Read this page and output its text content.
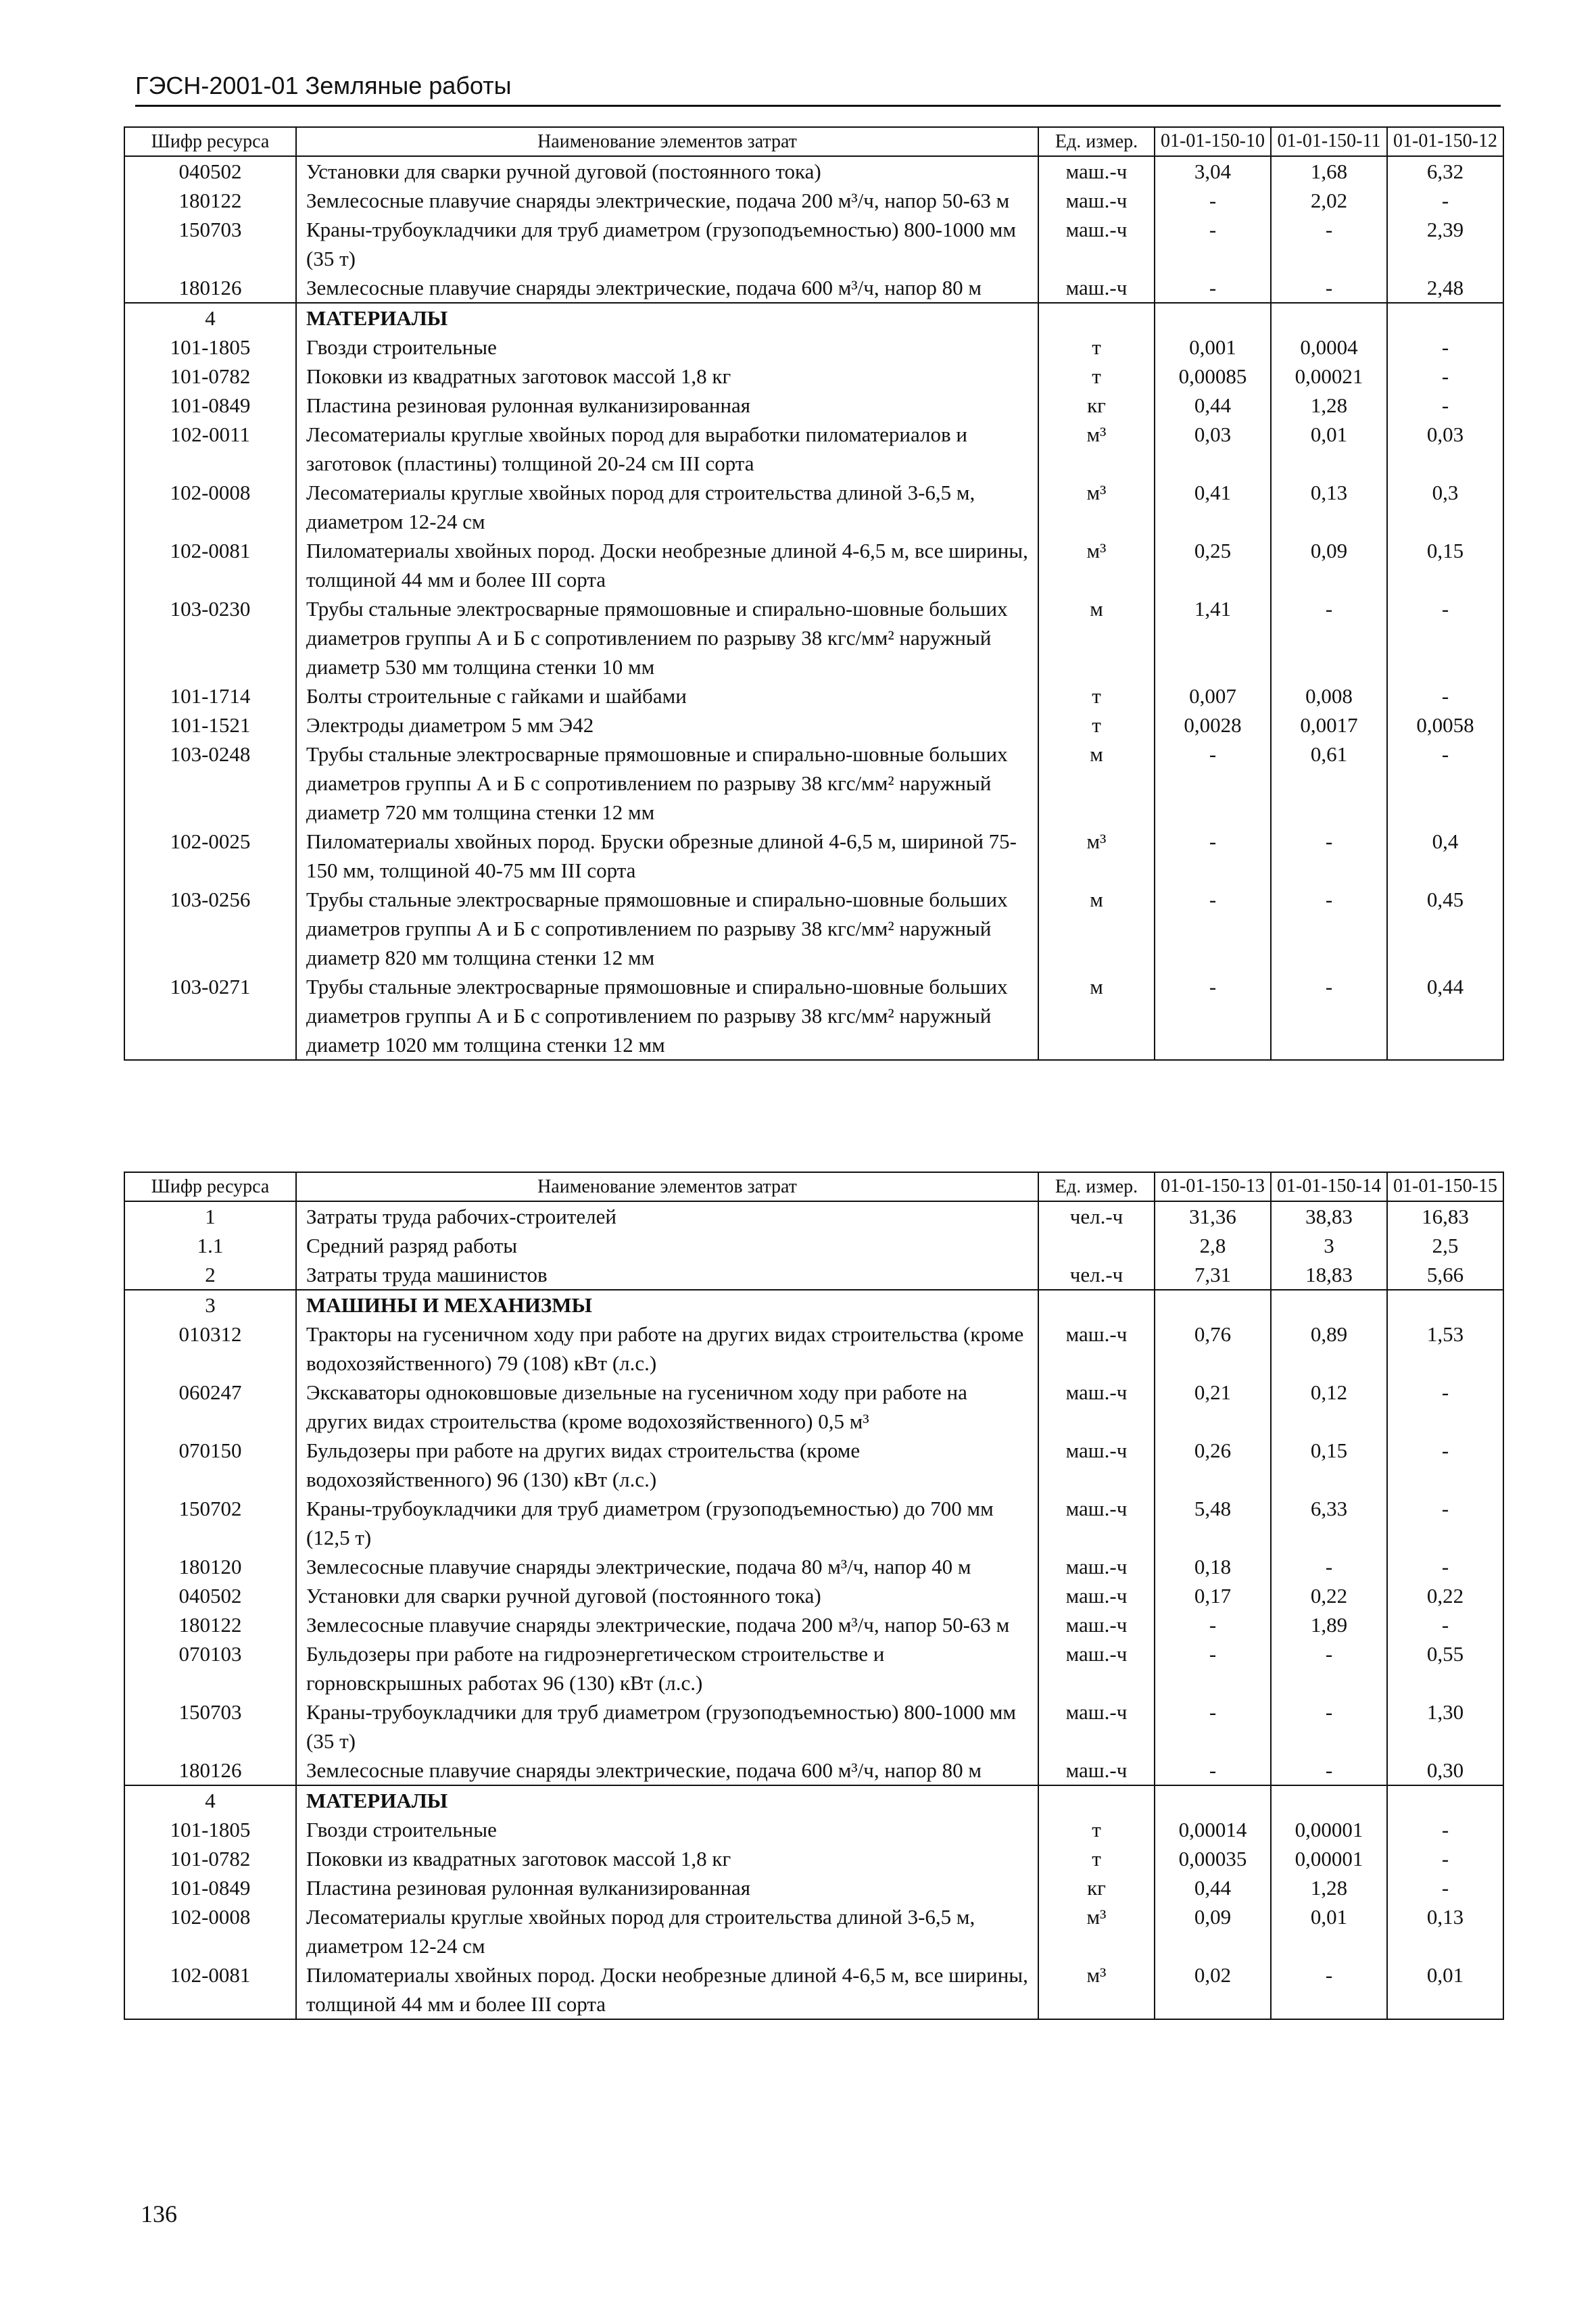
ГЭСН-2001-01 Земляные работы
Шифр ресурса	Наименование элементов затрат	Ед. измер.	01-01-150-10	01-01-150-11	01-01-150-12
040502	Установки для сварки ручной дуговой (постоянного тока)	маш.-ч	3,04	1,68	6,32
180122	Землесосные плавучие снаряды электрические, подача 200 м³/ч, напор 50-63 м	маш.-ч	-	2,02	-
150703	Краны-трубоукладчики для труб диаметром (грузоподъемностью) 800-1000 мм (35 т)	маш.-ч	-	-	2,39
180126	Землесосные плавучие снаряды электрические, подача 600 м³/ч, напор 80 м	маш.-ч	-	-	2,48
4	МАТЕРИАЛЫ				
101-1805	Гвозди строительные	т	0,001	0,0004	-
101-0782	Поковки из квадратных заготовок массой 1,8 кг	т	0,00085	0,00021	-
101-0849	Пластина резиновая рулонная вулканизированная	кг	0,44	1,28	-
102-0011	Лесоматериалы круглые хвойных пород для выработки пиломатериалов и заготовок (пластины) толщиной 20-24 см III сорта	м³	0,03	0,01	0,03
102-0008	Лесоматериалы круглые хвойных пород для строительства длиной 3-6,5 м, диаметром 12-24 см	м³	0,41	0,13	0,3
102-0081	Пиломатериалы хвойных пород. Доски необрезные длиной 4-6,5 м, все ширины, толщиной 44 мм и более III сорта	м³	0,25	0,09	0,15
103-0230	Трубы стальные электросварные прямошовные и спирально-шовные больших диаметров группы А и Б с сопротивлением по разрыву 38 кгс/мм² наружный диаметр 530 мм толщина стенки 10 мм	м	1,41	-	-
101-1714	Болты строительные с гайками и шайбами	т	0,007	0,008	-
101-1521	Электроды диаметром 5 мм Э42	т	0,0028	0,0017	0,0058
103-0248	Трубы стальные электросварные прямошовные и спирально-шовные больших диаметров группы А и Б с сопротивлением по разрыву 38 кгс/мм² наружный диаметр 720 мм толщина стенки 12 мм	м	-	0,61	-
102-0025	Пиломатериалы хвойных пород. Бруски обрезные длиной 4-6,5 м, шириной 75-150 мм, толщиной 40-75 мм III сорта	м³	-	-	0,4
103-0256	Трубы стальные электросварные прямошовные и спирально-шовные больших диаметров группы А и Б с сопротивлением по разрыву 38 кгс/мм² наружный диаметр 820 мм толщина стенки 12 мм	м	-	-	0,45
103-0271	Трубы стальные электросварные прямошовные и спирально-шовные больших диаметров группы А и Б с сопротивлением по разрыву 38 кгс/мм² наружный диаметр 1020 мм толщина стенки 12 мм	м	-	-	0,44
Шифр ресурса	Наименование элементов затрат	Ед. измер.	01-01-150-13	01-01-150-14	01-01-150-15
1	Затраты труда рабочих-строителей	чел.-ч	31,36	38,83	16,83
1.1	Средний разряд работы		2,8	3	2,5
2	Затраты труда машинистов	чел.-ч	7,31	18,83	5,66
3	МАШИНЫ И МЕХАНИЗМЫ				
010312	Тракторы на гусеничном ходу при работе на других видах строительства (кроме водохозяйственного) 79 (108) кВт (л.с.)	маш.-ч	0,76	0,89	1,53
060247	Экскаваторы одноковшовые дизельные на гусеничном ходу при работе на других видах строительства (кроме водохозяйственного) 0,5 м³	маш.-ч	0,21	0,12	-
070150	Бульдозеры при работе на других видах строительства (кроме водохозяйственного) 96 (130) кВт (л.с.)	маш.-ч	0,26	0,15	-
150702	Краны-трубоукладчики для труб диаметром (грузоподъемностью) до 700 мм (12,5 т)	маш.-ч	5,48	6,33	-
180120	Землесосные плавучие снаряды электрические, подача 80 м³/ч, напор 40 м	маш.-ч	0,18	-	-
040502	Установки для сварки ручной дуговой (постоянного тока)	маш.-ч	0,17	0,22	0,22
180122	Землесосные плавучие снаряды электрические, подача 200 м³/ч, напор 50-63 м	маш.-ч	-	1,89	-
070103	Бульдозеры при работе на гидроэнергетическом строительстве и горновскрышных работах 96 (130) кВт (л.с.)	маш.-ч	-	-	0,55
150703	Краны-трубоукладчики для труб диаметром (грузоподъемностью) 800-1000 мм (35 т)	маш.-ч	-	-	1,30
180126	Землесосные плавучие снаряды электрические, подача 600 м³/ч, напор 80 м	маш.-ч	-	-	0,30
4	МАТЕРИАЛЫ				
101-1805	Гвозди строительные	т	0,00014	0,00001	-
101-0782	Поковки из квадратных заготовок массой 1,8 кг	т	0,00035	0,00001	-
101-0849	Пластина резиновая рулонная вулканизированная	кг	0,44	1,28	-
102-0008	Лесоматериалы круглые хвойных пород для строительства длиной 3-6,5 м, диаметром 12-24 см	м³	0,09	0,01	0,13
102-0081	Пиломатериалы хвойных пород. Доски необрезные длиной 4-6,5 м, все ширины, толщиной 44 мм и более III сорта	м³	0,02	-	0,01
136
